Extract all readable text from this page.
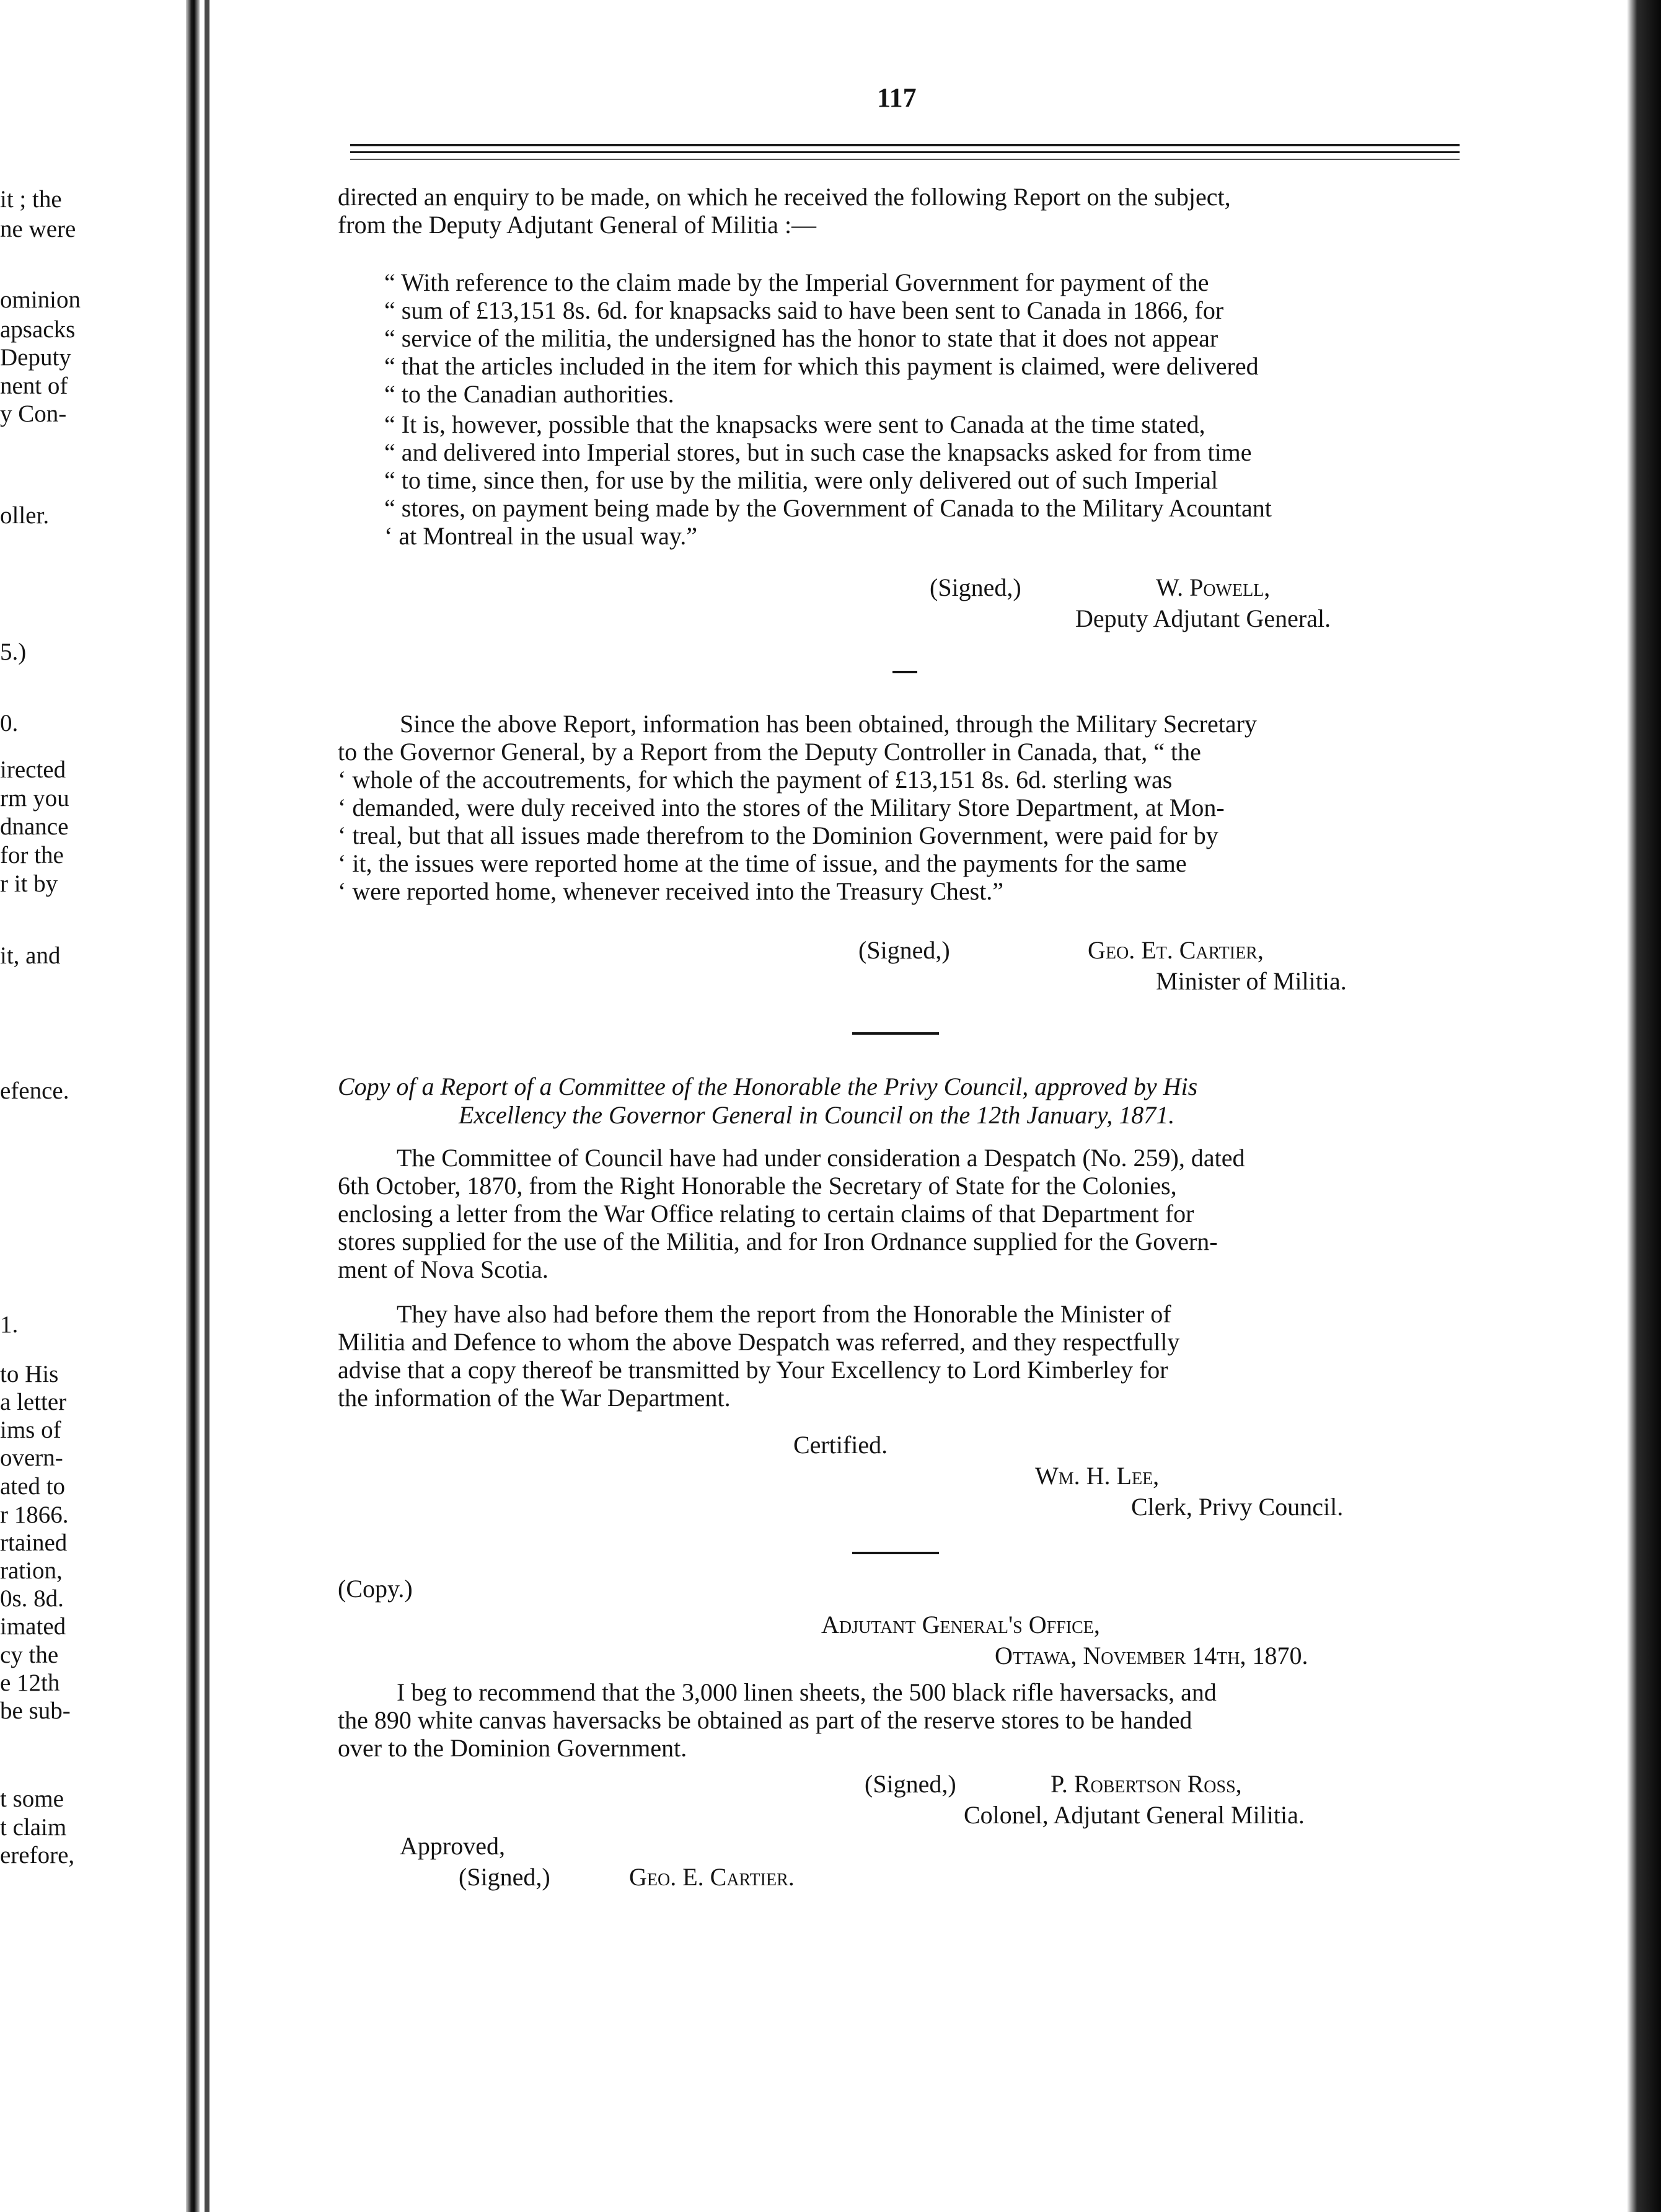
it ; the
ne were
ominion
apsacks
Deputy
nent of
y Con-
oller.
5.)
0.
irected
rm you
dnance
for the
r it by
it, and
efence.
1.
to His
a letter
ims of
overn-
ated to
r 1866.
rtained
ration,
0s. 8d.
imated
cy the
e 12th
be sub-
t some
t claim
erefore,
117
directed an enquiry to be made, on which he received the following Report on the subject,
from the Deputy Adjutant General of Militia :—
“ With reference to the claim made by the Imperial Government for payment of the
“ sum of £13,151 8s. 6d. for knapsacks said to have been sent to Canada in 1866, for
“ service of the militia, the undersigned has the honor to state that it does not appear
“ that the articles included in the item for which this payment is claimed, were delivered
“ to the Canadian authorities.
“ It is, however, possible that the knapsacks were sent to Canada at the time stated,
“ and delivered into Imperial stores, but in such case the knapsacks asked for from time
“ to time, since then, for use by the militia, were only delivered out of such Imperial
“ stores, on payment being made by the Government of Canada to the Military Acountant
‘ at Montreal in the usual way.”
(Signed,)	W. Powell,
Deputy Adjutant General.
Since the above Report, information has been obtained, through the Military Secretary
to the Governor General, by a Report from the Deputy Controller in Canada, that, “ the
‘ whole of the accoutrements, for which the payment of £13,151 8s. 6d. sterling was
‘ demanded, were duly received into the stores of the Military Store Department, at Mon-
‘ treal, but that all issues made therefrom to the Dominion Government, were paid for by
‘ it, the issues were reported home at the time of issue, and the payments for the same
‘ were reported home, whenever received into the Treasury Chest.”
(Signed,)	Geo. Et. Cartier,
Minister of Militia.
Copy of a Report of a Committee of the Honorable the Privy Council, approved by His
Excellency the Governor General in Council on the 12th January, 1871.
The Committee of Council have had under consideration a Despatch (No. 259), dated
6th October, 1870, from the Right Honorable the Secretary of State for the Colonies,
enclosing a letter from the War Office relating to certain claims of that Department for
stores supplied for the use of the Militia, and for Iron Ordnance supplied for the Govern-
ment of Nova Scotia.
They have also had before them the report from the Honorable the Minister of
Militia and Defence to whom the above Despatch was referred, and they respectfully
advise that a copy thereof be transmitted by Your Excellency to Lord Kimberley for
the information of the War Department.
Certified.
Wm. H. Lee,
Clerk, Privy Council.
(Copy.)
Adjutant General's Office,
Ottawa, November 14th, 1870.
I beg to recommend that the 3,000 linen sheets, the 500 black rifle haversacks, and
the 890 white canvas haversacks be obtained as part of the reserve stores to be handed
over to the Dominion Government.
(Signed,)	P. Robertson Ross,
Colonel, Adjutant General Militia.
Approved,
(Signed,)	Geo. E. Cartier.
